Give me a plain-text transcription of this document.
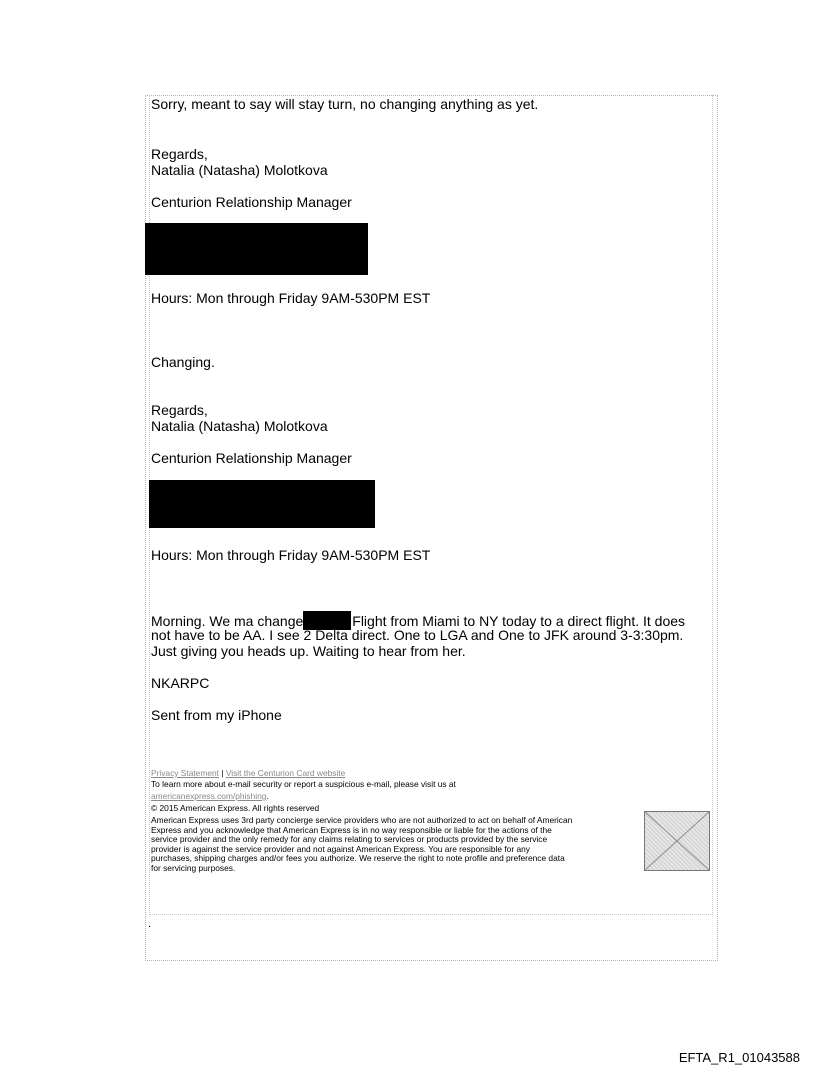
Sorry, meant to say will stay turn, no changing anything as yet.

Regards,

Natalia (Natasha) Molotkova

Centurion Relationship Manager

Hours: Mon through Friday 9AM-530PM EST

Changing.

Regards,

Natalia (Natasha) Molotkova

Centurion Relationship Manager

Hours: Mon through Friday 9AM-530PM EST

Morning. We ma change	Flight from Miami to NY today to a direct flight. It does

not have to be AA. I see 2 Delta direct. One to LGA and One to JFK around 3-3:30pm.

Just giving you heads up. Waiting to hear from her.

NKARPC

Sent from my iPhone

Privacy Statement | Visit the Centurion Card website
To learn more about e-mail security or report a suspicious e-mail, please visit us at
americanexpress.com/phishing.
© 2015 American Express. All rights reserved
American Express uses 3rd party concierge service providers who are not authorized to act on behalf of American
Express and you acknowledge that American Express is in no way responsible or liable for the actions of the
service provider and the only remedy for any claims relating to services or products provided by the service
provider is against the service provider and not against American Express. You are responsible for any
purchases, shipping charges and/or fees you authorize. We reserve the right to note profile and preference data
for servicing purposes.
.
EFTA_R1_01043588
